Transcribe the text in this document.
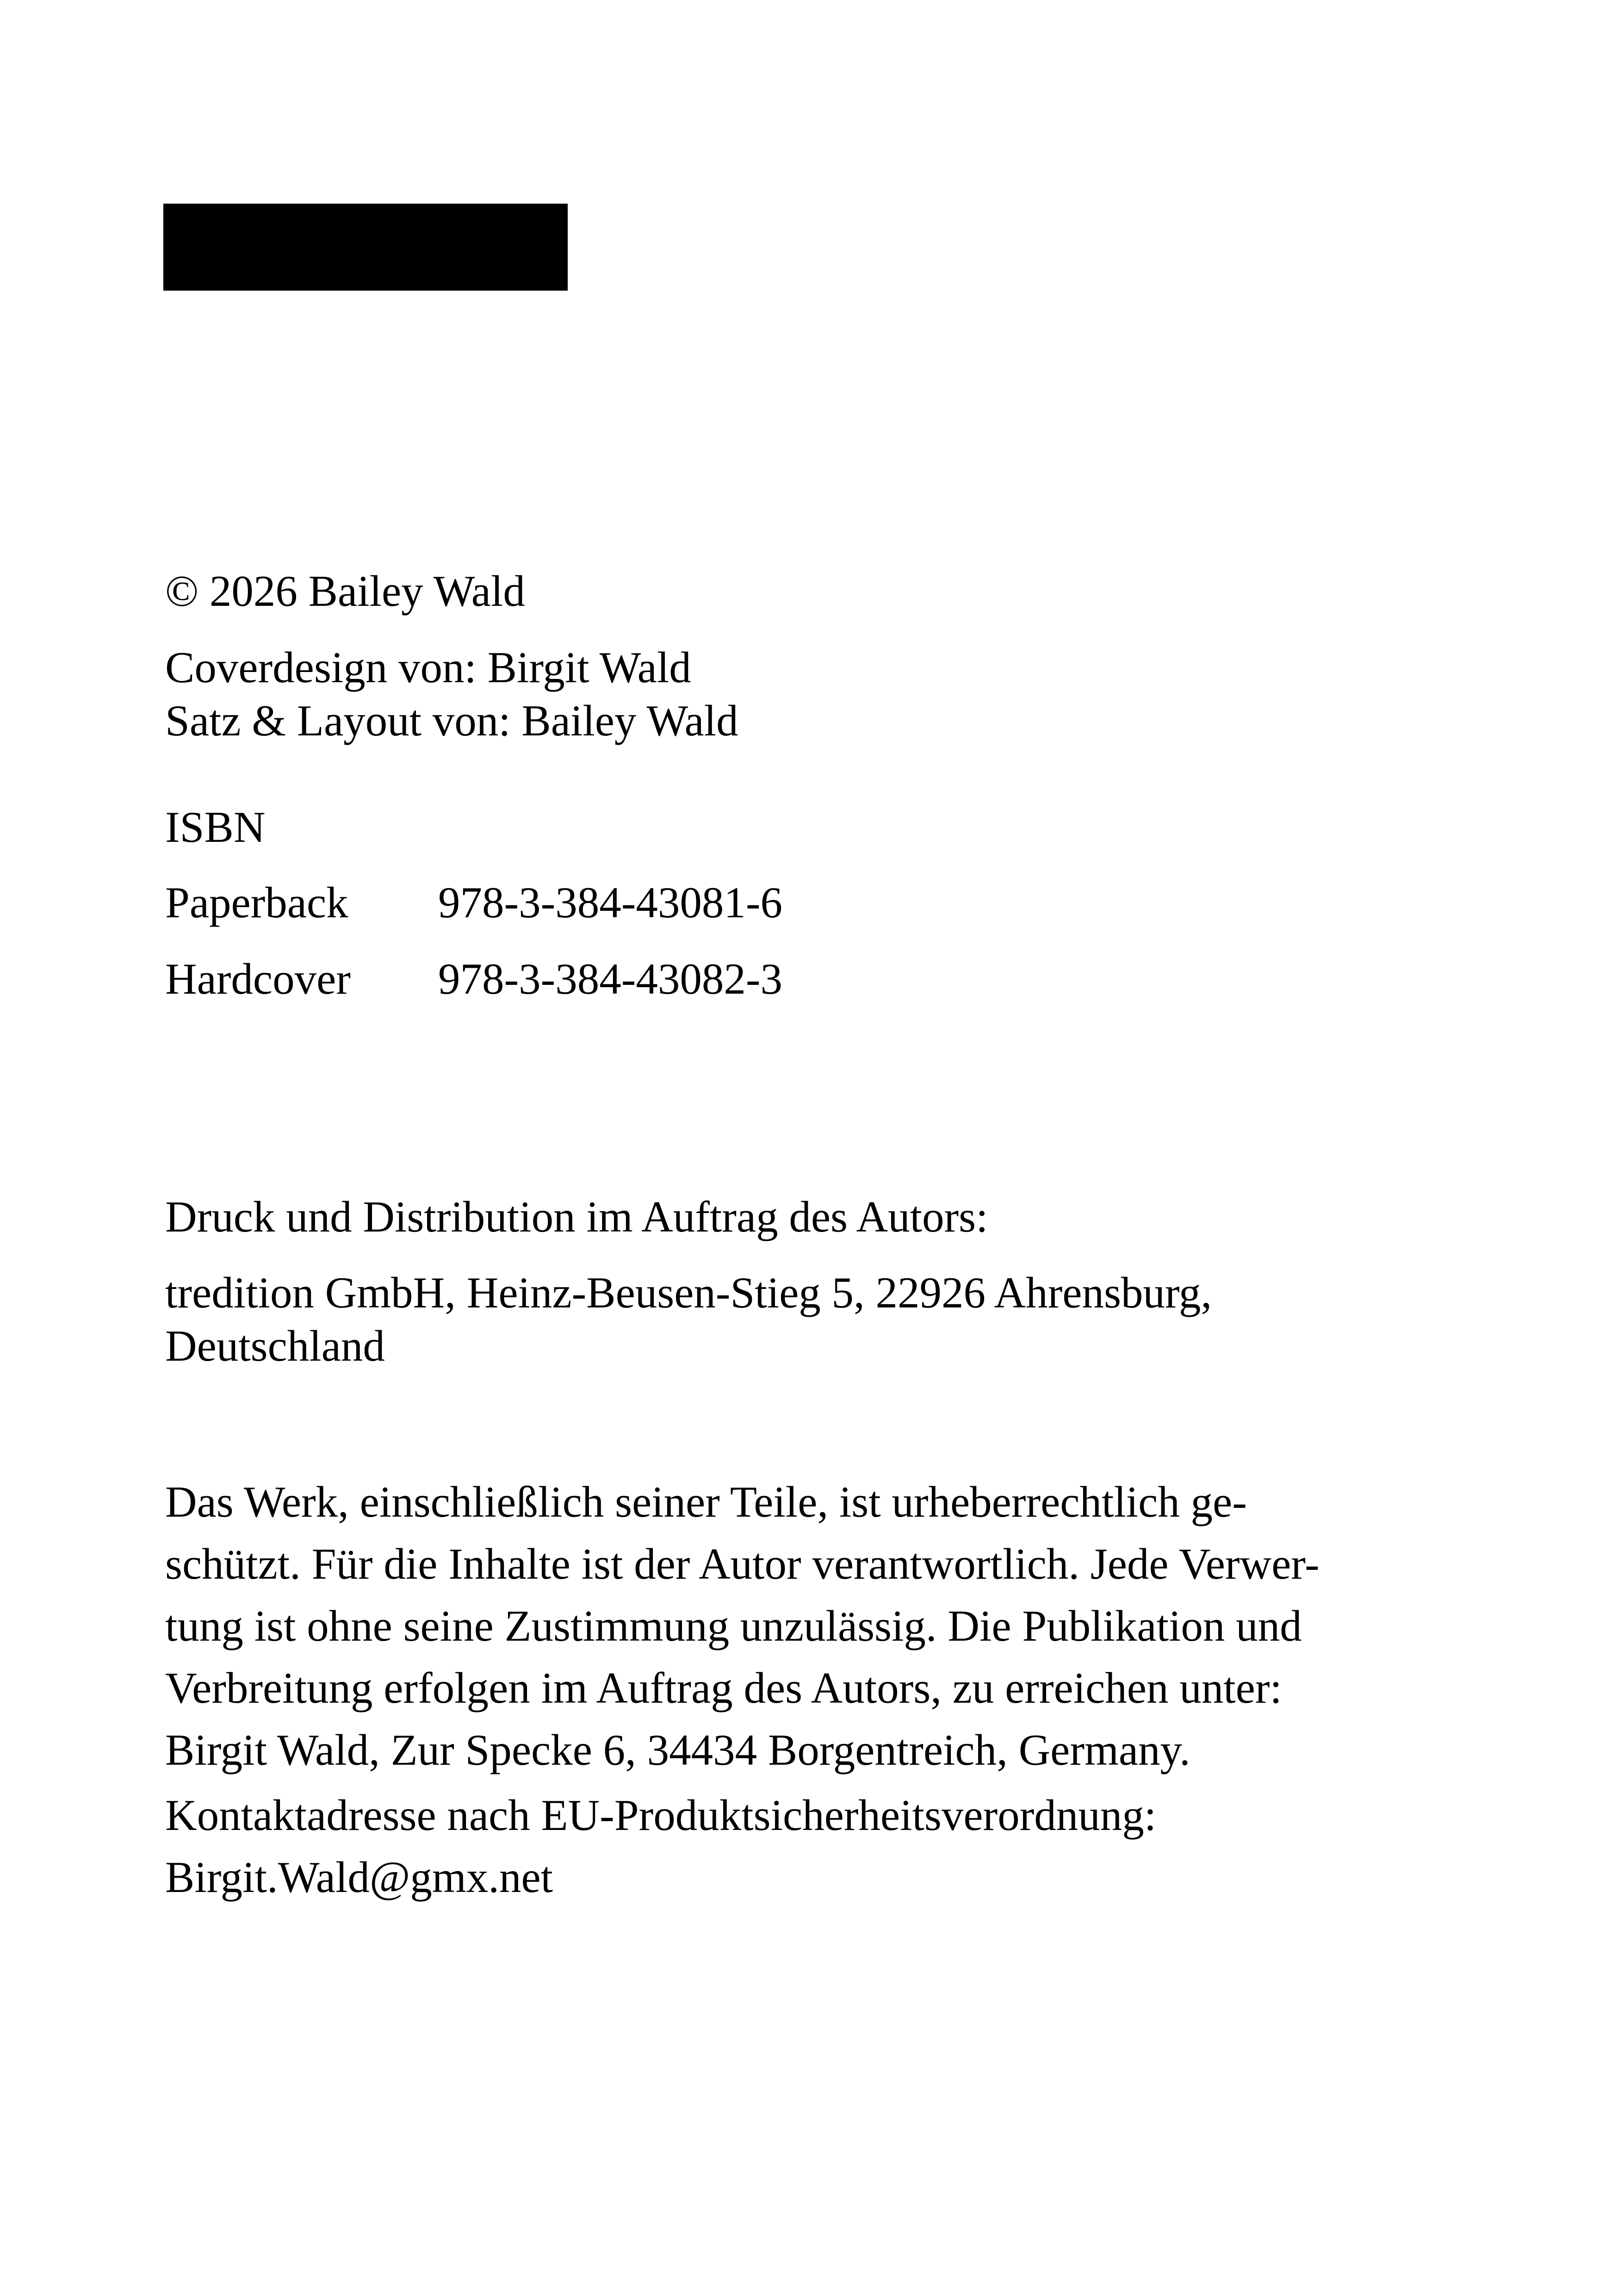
© 2026 Bailey Wald
Coverdesign von: Birgit Wald
Satz & Layout von: Bailey Wald
ISBN
Paperback 978-3-384-43081-6
Hardcover 978-3-384-43082-3
Druck und Distribution im Auftrag des Autors:
tredition GmbH, Heinz-Beusen-Stieg 5, 22926 Ahrensburg,
Deutschland
Das Werk, einschließlich seiner Teile, ist urheberrechtlich ge-
schützt. Für die Inhalte ist der Autor verantwortlich. Jede Verwer-
tung ist ohne seine Zustimmung unzulässig. Die Publikation und
Verbreitung erfolgen im Auftrag des Autors, zu erreichen unter:
Birgit Wald, Zur Specke 6, 34434 Borgentreich, Germany.
Kontaktadresse nach EU-Produktsicherheitsverordnung:
Birgit.Wald@gmx.net
